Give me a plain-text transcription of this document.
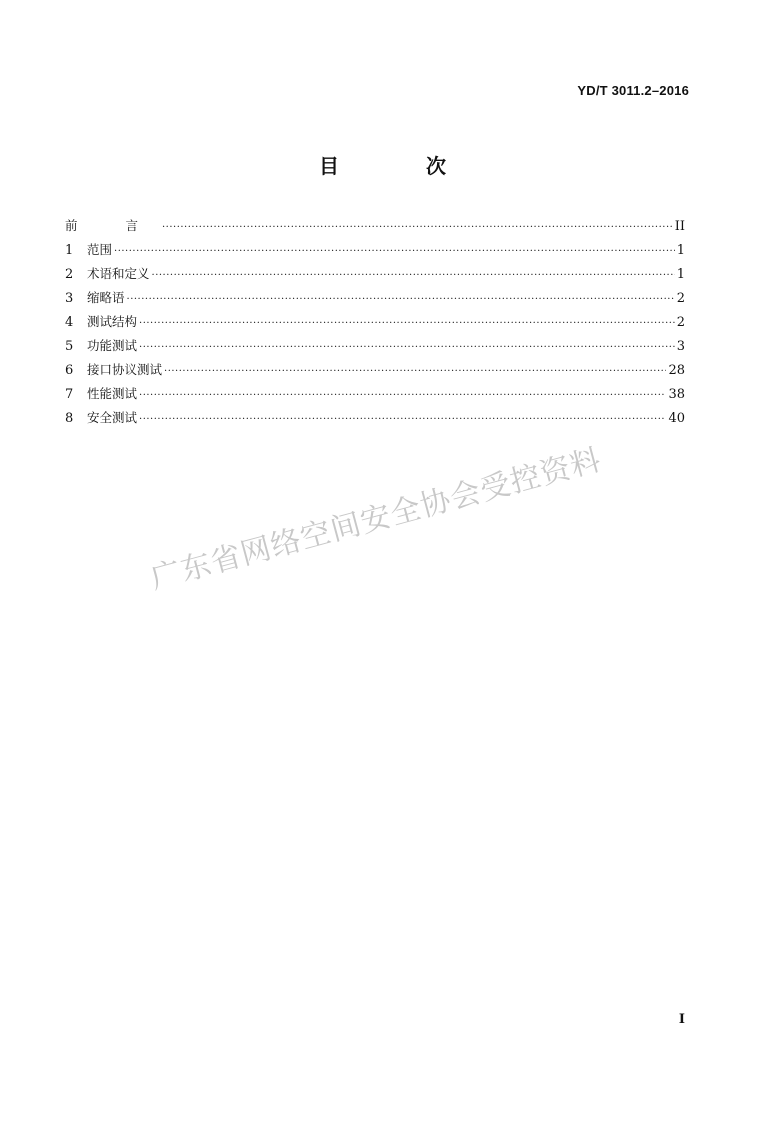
YD/T 3011.2–2016
目 次
前 言 ·····	II
1	范围 ·····	1
2	术语和定义 ·····	1
3	缩略语 ·····	2
4	测试结构 ·····	2
5	功能测试 ·····	3
6	接口协议测试 ·····	28
7	性能测试 ·····	38
8	安全测试 ·····	40
广东省网络空间安全协会受控资料
I
